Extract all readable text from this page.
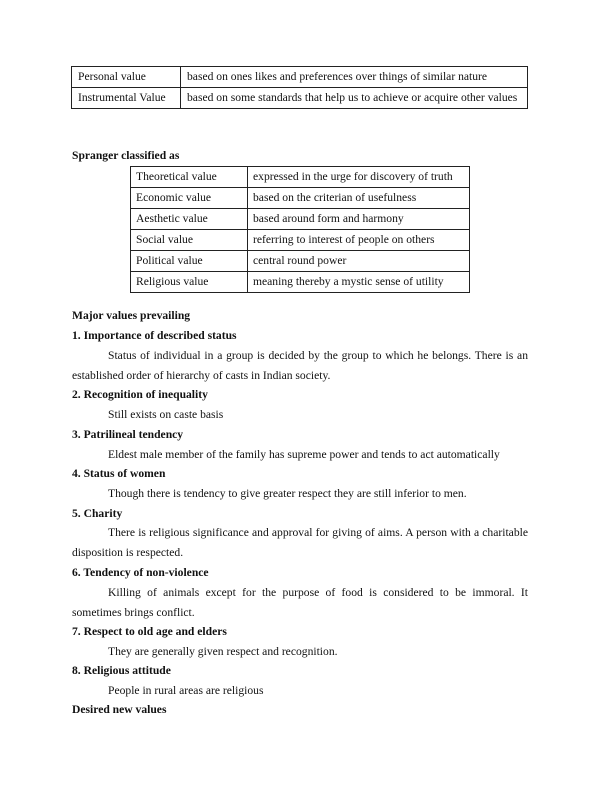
Personal value	based on ones likes and preferences over things of similar nature
Instrumental Value	based on some standards that help us to achieve or acquire other values
Spranger classified as
Theoretical value	expressed in the urge for discovery of truth
Economic value	based on the criterian of usefulness
Aesthetic value	based around form and harmony
Social value	referring to interest of people on others
Political value	central round power
Religious value	meaning thereby a mystic sense of utility
Major values prevailing
1. Importance of described status
Status of individual in a group is decided by the group to which he belongs. There is an established order of hierarchy of casts in Indian society.
2. Recognition of inequality
Still exists on caste basis
3. Patrilineal tendency
Eldest male member of the family has supreme power and tends to act automatically
4. Status of women
Though there is tendency to give greater respect they are still inferior to men.
5. Charity
There is religious significance and approval for giving of aims. A person with a charitable disposition is respected.
6. Tendency of non-violence
Killing of animals except for the purpose of food is considered to be immoral. It sometimes brings conflict.
7. Respect to old age and elders
They are generally given respect and recognition.
8. Religious attitude
People in rural areas are religious
Desired new values
